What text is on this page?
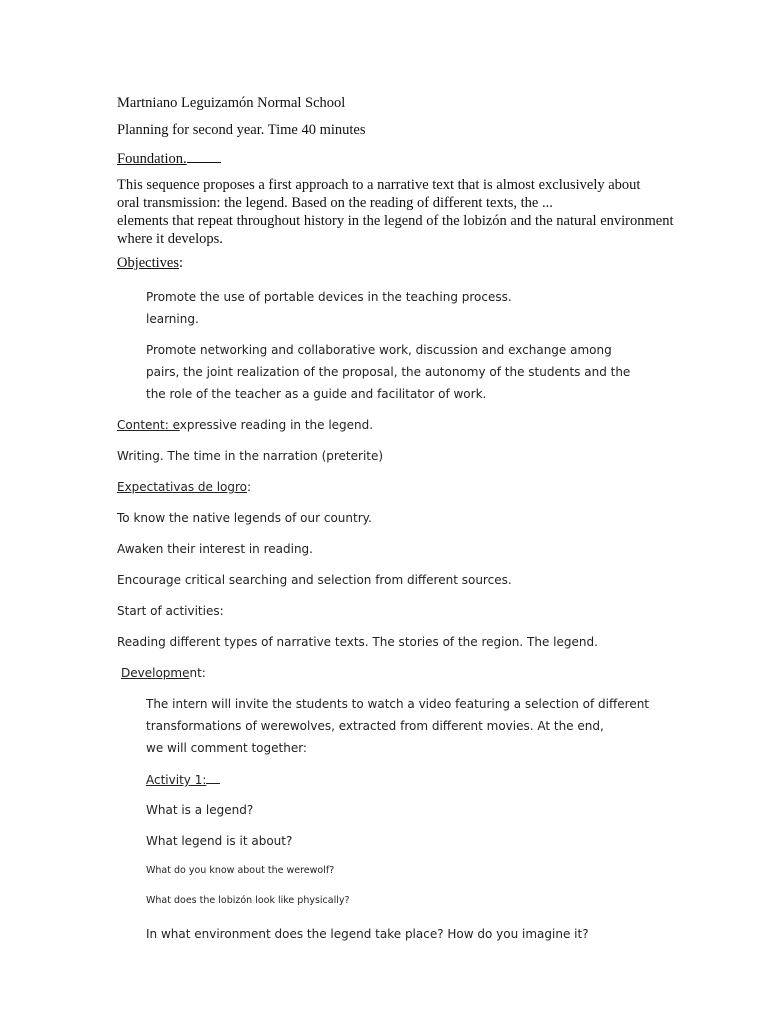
Martniano Leguizamón Normal School
Planning for second year. Time 40 minutes
Foundation.
This sequence proposes a first approach to a narrative text that is almost exclusively about
oral transmission: the legend. Based on the reading of different texts, the ...
elements that repeat throughout history in the legend of the lobizón and the natural environment
where it develops.
Objectives:
Promote the use of portable devices in the teaching process.
learning.
Promote networking and collaborative work, discussion and exchange among
pairs, the joint realization of the proposal, the autonomy of the students and the
the role of the teacher as a guide and facilitator of work.
Content: expressive reading in the legend.
Writing. The time in the narration (preterite)
Expectativas de logro:
To know the native legends of our country.
Awaken their interest in reading.
Encourage critical searching and selection from different sources.
Start of activities:
Reading different types of narrative texts. The stories of the region. The legend.
Development:
The intern will invite the students to watch a video featuring a selection of different
transformations of werewolves, extracted from different movies. At the end,
we will comment together:
Activity 1:
What is a legend?
What legend is it about?
What do you know about the werewolf?
What does the lobizón look like physically?
In what environment does the legend take place? How do you imagine it?
